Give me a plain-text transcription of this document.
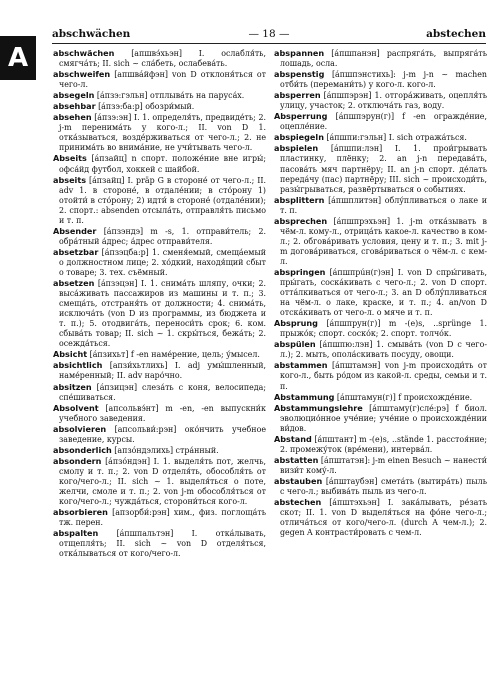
A
abschwächen	— 18 —	abstechen

abschwächen [апшвэ́хьэн] I. ослабля́ть, смягча́ть; II. sich ~ сла́беть, ослабева́ть.

abschweifen [апшвáйфэн] von D отклоня́ться от чего-л.

absegeln [áпзэ:гэльн] отплыва́ть на паруса́х.

absehbar [áпзэ:ба:р] обозри́мый.

absehen [áпзэ:эн] I. 1. определя́ть, предвиде́ть; 2. j-m перенима́ть у кого-л.; II. von D 1. отка́зываться, возде́рживаться от чего-л.; 2. не принима́ть во внима́ние, не учи́тывать чего-л.

Abseits [áпзайц] n спорт. положе́ние вне игры́; офса́йд футбол, хоккей с шайбой.

abseits [áпзайц] I. präp G в стороне́ от чего-л.; II. adv 1. в стороне́, в отдале́нии; в сто́рону 1) отойти́ в сто́рону; 2) идти́ в стороне́ (отдале́нии); 2. спорт.: absenden отсыла́ть, отправля́ть письмо и т. п.

Absender [áпзэндэ] m -s, 1. отправи́тель; 2. обра́тный а́дрес; а́дрес отправи́теля.

absetzbar [áпзэцба:р] 1. сменя́емый, смеща́емый о должностном лице; 2. хо́дкий, находя́щий сбыт о товаре; 3. тех. съёмный.

absetzen [áпзэцэн] I. 1. снима́ть шляпу, очки; 2. выса́живать пассажиров из машины и т. п.; 3. смеща́ть, отстраня́ть от должности; 4. снима́ть, исключа́ть (von D из программы, из бюджета и т. п.); 5. отодвига́ть, переноси́ть срок; 6. ком. сбыва́ть товар; II. sich ~ 1. скры́ться, бежа́ть; 2. осежда́ться.

Absicht [áпзихьт] f -en наме́рение, цель; у́мысел.

absichtlich [апзи́хьтлихь] I. adj умы́шленный, наме́ренный; II. adv наро́чно.

absitzen [áпзицэн] слеза́ть с коня, велосипеда; спе́шиваться.

Absolvent [апсольвэ́нт] m -en, -en выпускни́к учебного заведения.

absolvieren [апсольви́:рэн] око́нчить учебное заведение, курсы.

absonderlich [апзóндэлихь] стра́нный.

absondern [áпзóндэн] I. 1. выделя́ть пот, желчь, смолу и т. п.; 2. von D отделя́ть, обособля́ть от кого/чего-л.; II. sich ~ 1. выделя́ться о поте, желчи, смоле и т. п.; 2. von j-m обособля́ться от кого/чего-л.; чужда́ться, сторони́ться кого-л.

absorbieren [апзорби́:рэн] хим., физ. поглоща́ть тж. перен.

abspalten [áпшпальтэн] I. отка́лывать, отщепля́ть; II. sich ~ von D отделя́ться, отка́лываться от кого/чего-л.

abspannen [áпшпанэн] распряга́ть, выпряга́ть лошадь, осла.

abspenstig [áпшпэнстихь]: j-m j-n ~ machen отби́ть (перемани́ть) у кого-л. кого-л.

absperren [áпшпэрэн] 1. отгора́живать, оцепля́ть улицу, участок; 2. отключа́ть газ, воду.

Absperrung [áпшпэрун(г)] f -en огражде́ние, оцепле́ние.

abspiegeln [áпшпи:гэльн] I. sich отража́ться.

abspielen [áпшпи:лэн] I. 1. прои́грывать пластинку, плёнку; 2. an j-n передава́ть, пасова́ть мяч партнёру; II. an j-n спорт. де́лать переда́чу (пас) партнёру; III. sich ~ происходи́ть, разы́грываться, развёртываться о событиях.

absplittern [áпшплитэн] облу́пливаться о лаке и т. п.

absprechen [áпшпрэхьэн] 1. j-m отка́зывать в чём-л. кому-л., отрица́ть какое-л. качество в ком-л.; 2. обгова́ривать условия, цену и т. п.; 3. mit j-m догова́риваться, сгова́риваться о чём-л. с кем-л.

abspringen [áпшпрúн(г)эн] I. von D спры́гивать, пры́гать, соска́кивать с чего-л.; 2. von D спорт. отта́лкиваться от чего-л.; 3. an D облу́пливаться на чём-л. о лаке, краске, и т. п.; 4. an/von D отска́кивать от чего-л. о мяче и т. п.

Absprung [áпшпрун(г)] m -(e)s, ..sprünge 1. прыжо́к; спорт. соско́к; 2. спорт. толчо́к.

abspülen [áпшпю:лэн] 1. смыва́ть (von D с чего-л.); 2. мыть, опола́скивать посуду, овощи.

abstammen [áпштамэн] von j-m происходи́ть от кого-л., быть ро́дом из какой-л. среды, семьи и т. п.

Abstammung [áпштамун(г)] f происхожде́ние.

Abstammungslehre [áпштаму(г)слé:рэ] f биол. эволюцио́нное уче́ние; уче́ние о происхожде́нии ви́дов.

Abstand [áпштант] m -(e)s, ..stände 1. расстоя́ние; 2. промежу́ток (вре́мени), интерва́л.

abstatten [áпштатэн]: j-m einen Besuch ~ нанести́ визи́т кому́-л.

abstauben [áпштаубэн] смета́ть (вытира́ть) пыль с чего-л.; выбива́ть пыль из чего-л.

abstechen [áпштэхьэн] I. зака́лывать, ре́зать скот; II. 1. von D выделя́ться на фо́не чего-л.; отлича́ться от кого/чего-л. (durch A чем-л.); 2. gegen A контрасти́ровать с чем-л.
